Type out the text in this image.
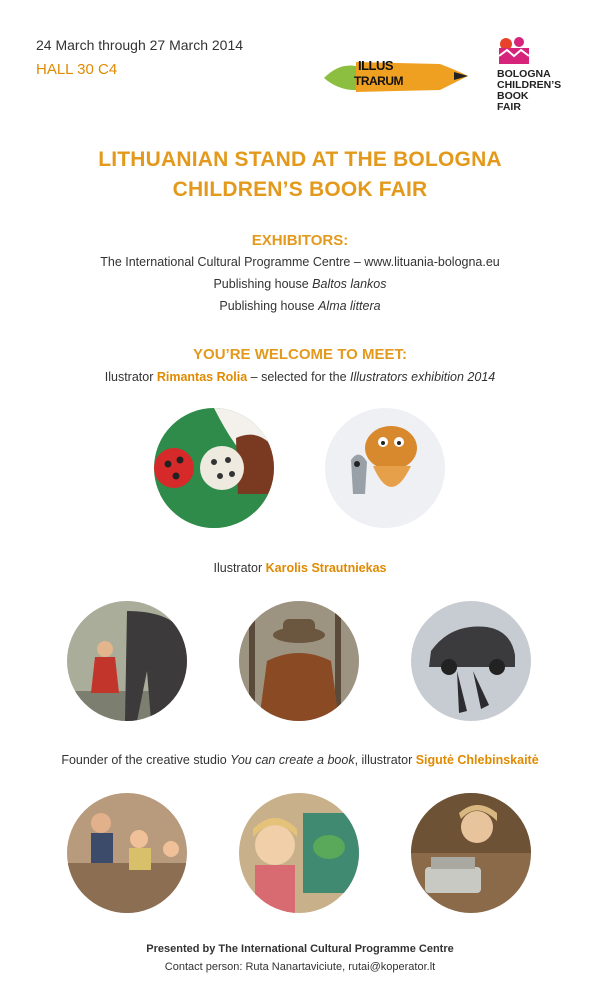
24 March through 27 March 2014
HALL 30 C4	ILLUS
TRARUM	BOLOGNA
CHILDREN’S
BOOK
FAIR
LITHUANIAN STAND AT THE BOLOGNA
CHILDREN’S BOOK FAIR
EXHIBITORS:
The International Cultural Programme Centre – www.lituania-bologna.eu
Publishing house Baltos lankos
Publishing house Alma littera
YOU’RE WELCOME TO MEET:
Ilustrator Rimantas Rolia – selected for the Illustrators exhibition 2014
Ilustrator Karolis Strautniekas
Founder of the creative studio You can create a book, illustrator Sigutė Chlebinskaitė
Presented by The International Cultural Programme Centre
Contact person: Ruta Nanartaviciute, rutai@koperator.lt
